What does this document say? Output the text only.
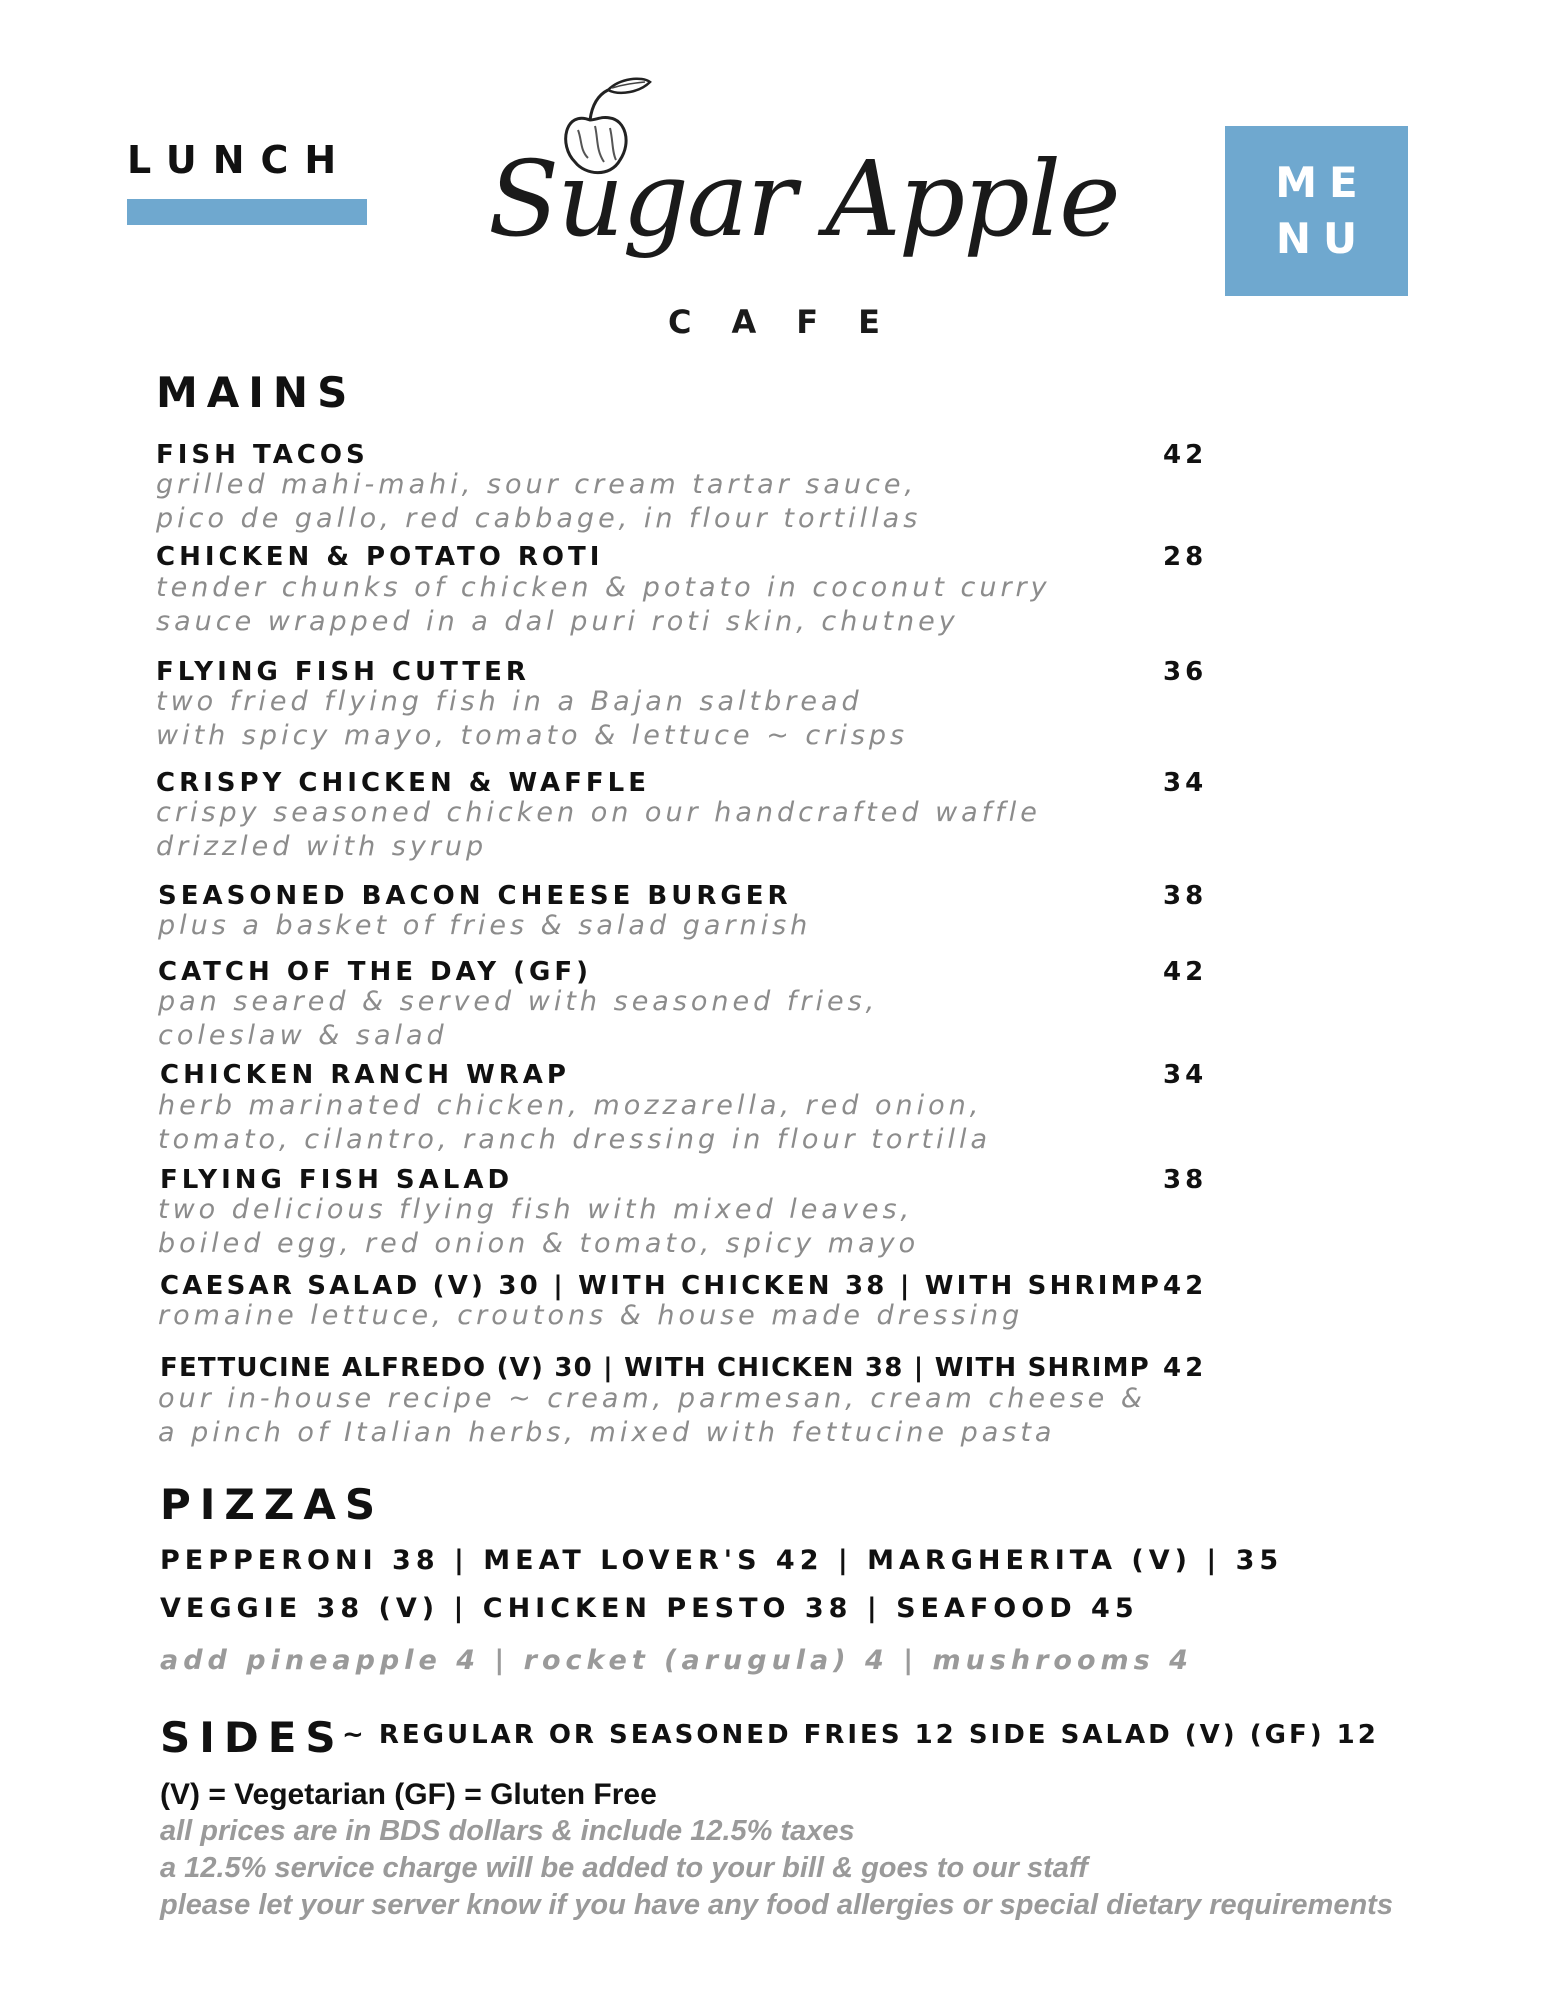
LUNCH Sugar Apple
CAFE
ME
NU
MAINS
FISH TACOS	42
grilled mahi-mahi, sour cream tartar sauce,
pico de gallo, red cabbage, in flour tortillas
CHICKEN & POTATO ROTI	28
tender chunks of chicken & potato in coconut curry
sauce wrapped in a dal puri roti skin, chutney
FLYING FISH CUTTER	36
two fried flying fish in a Bajan saltbread
with spicy mayo, tomato & lettuce ~ crisps
CRISPY CHICKEN & WAFFLE	34
crispy seasoned chicken on our handcrafted waffle
drizzled with syrup
SEASONED BACON CHEESE BURGER	38
plus a basket of fries & salad garnish
CATCH OF THE DAY (GF)	42
pan seared & served with seasoned fries,
coleslaw & salad
CHICKEN RANCH WRAP	34
herb marinated chicken, mozzarella, red onion,
tomato, cilantro, ranch dressing in flour tortilla
FLYING FISH SALAD	38
two delicious flying fish with mixed leaves,
boiled egg, red onion & tomato, spicy mayo
CAESAR SALAD (V) 30 | WITH CHICKEN 38 | WITH SHRIMP 42
romaine lettuce, croutons & house made dressing
FETTUCINE ALFREDO (V) 30 | WITH CHICKEN 38 | WITH SHRIMP 42
our in-house recipe ~ cream, parmesan, cream cheese &
a pinch of Italian herbs, mixed with fettucine pasta
PIZZAS
PEPPERONI 38 | MEAT LOVER'S 42 | MARGHERITA (V) | 35
VEGGIE 38 (V) | CHICKEN PESTO 38 | SEAFOOD 45
add pineapple 4 | rocket (arugula) 4 | mushrooms 4
SIDES
~ REGULAR OR SEASONED FRIES 12 SIDE SALAD (V) (GF) 12
(V) = Vegetarian (GF) = Gluten Free
all prices are in BDS dollars & include 12.5% taxes
a 12.5% service charge will be added to your bill & goes to our staff
please let your server know if you have any food allergies or special dietary requirements
